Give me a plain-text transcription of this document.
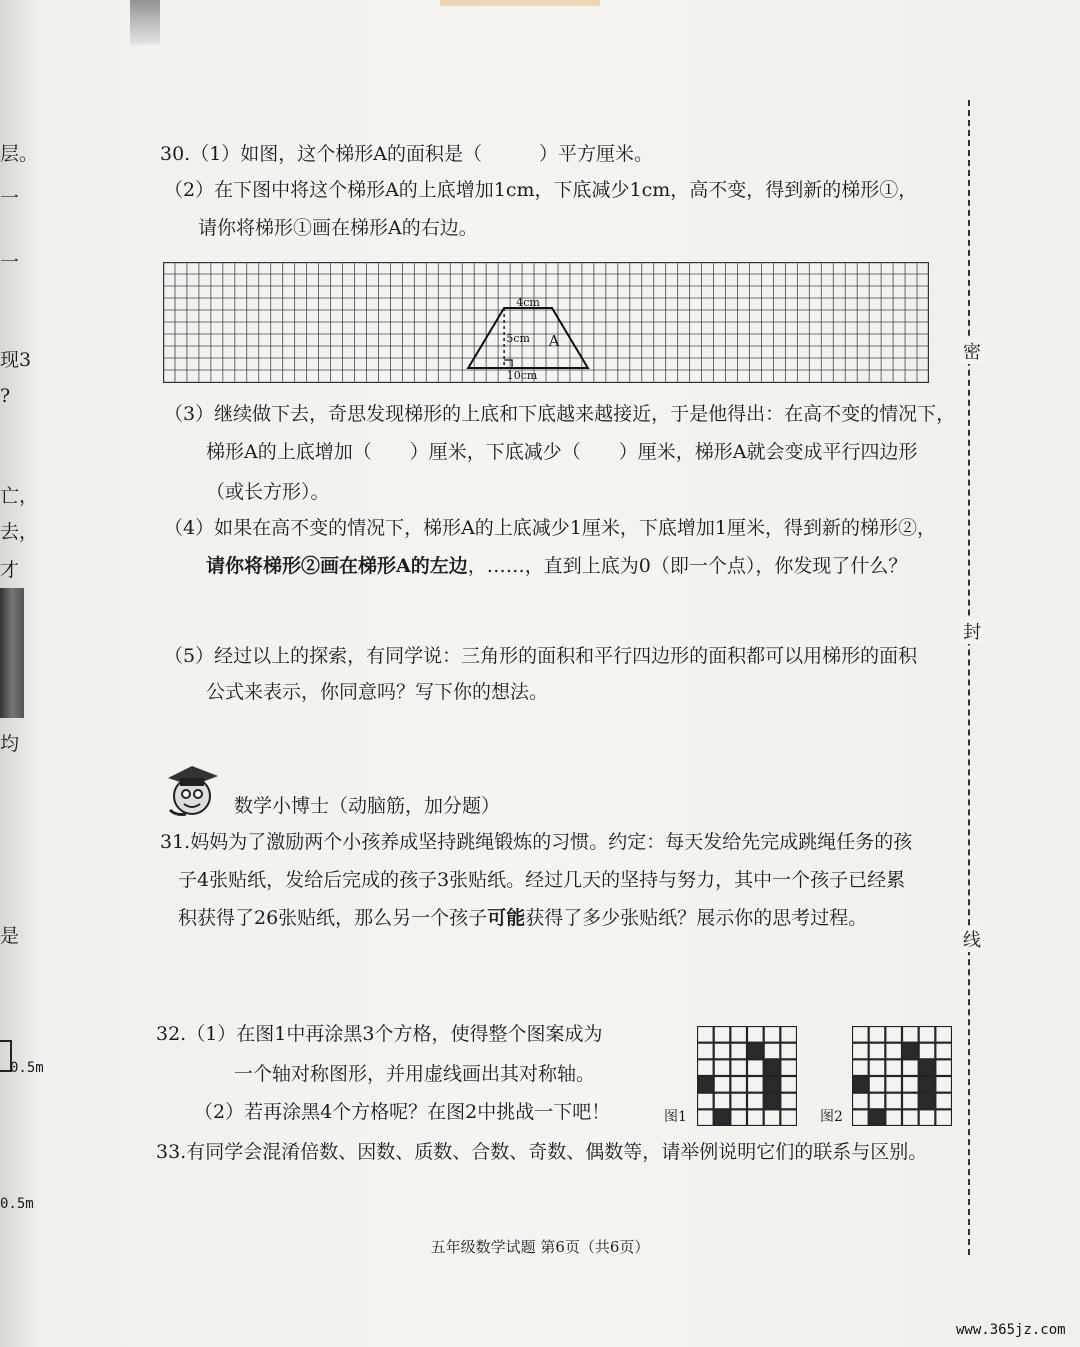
层。
一
一
现3
?
亡，
去，
才
均
是
0.5m
0.5m
密
封
线
30.（1）如图，这个梯形A的面积是（　　　）平方厘米。
（2）在下图中将这个梯形A的上底增加1cm，下底减少1cm，高不变，得到新的梯形①，
请你将梯形①画在梯形A的右边。
4cm
5cm
10cm
A
（3）继续做下去，奇思发现梯形的上底和下底越来越接近，于是他得出：在高不变的情况下，
梯形A的上底增加（　　）厘米，下底减少（　　）厘米，梯形A就会变成平行四边形
（或长方形）。
（4）如果在高不变的情况下，梯形A的上底减少1厘米，下底增加1厘米，得到新的梯形②，
请你将梯形②画在梯形A的左边，……，直到上底为0（即一个点），你发现了什么？
（5）经过以上的探索，有同学说：三角形的面积和平行四边形的面积都可以用梯形的面积
公式来表示，你同意吗？写下你的想法。
数学小博士（动脑筋，加分题）
31.妈妈为了激励两个小孩养成坚持跳绳锻炼的习惯。约定：每天发给先完成跳绳任务的孩
子4张贴纸，发给后完成的孩子3张贴纸。经过几天的坚持与努力，其中一个孩子已经累
积获得了26张贴纸，那么另一个孩子可能获得了多少张贴纸？展示你的思考过程。
32.（1）在图1中再涂黑3个方格，使得整个图案成为
一个轴对称图形，并用虚线画出其对称轴。
（2）若再涂黑4个方格呢？在图2中挑战一下吧！	图1	图2
33.有同学会混淆倍数、因数、质数、合数、奇数、偶数等，请举例说明它们的联系与区别。
五年级数学试题 第6页（共6页）
www.365jz.com
